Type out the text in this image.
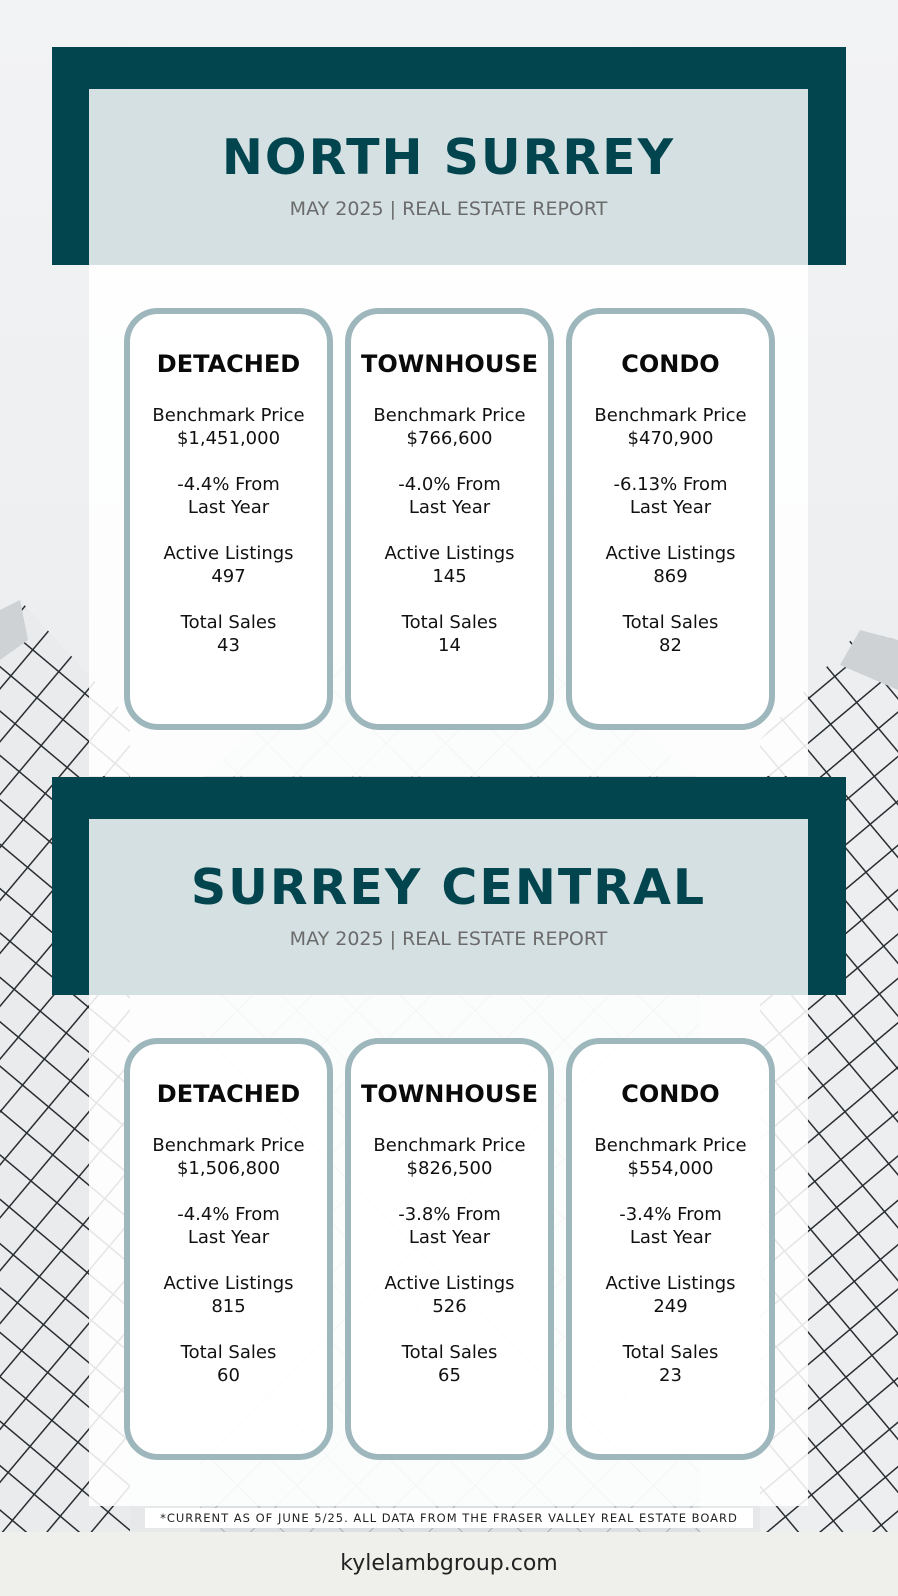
NORTH SURREY
MAY 2025 | REAL ESTATE REPORT
DETACHED
Benchmark Price
$1,451,000
-4.4% From
Last Year
Active Listings
497
Total Sales
43
TOWNHOUSE
Benchmark Price
$766,600
-4.0% From
Last Year
Active Listings
145
Total Sales
14
CONDO
Benchmark Price
$470,900
-6.13% From
Last Year
Active Listings
869
Total Sales
82
SURREY CENTRAL
MAY 2025 | REAL ESTATE REPORT
DETACHED
Benchmark Price
$1,506,800
-4.4% From
Last Year
Active Listings
815
Total Sales
60
TOWNHOUSE
Benchmark Price
$826,500
-3.8% From
Last Year
Active Listings
526
Total Sales
65
CONDO
Benchmark Price
$554,000
-3.4% From
Last Year
Active Listings
249
Total Sales
23
*CURRENT AS OF JUNE 5/25. ALL DATA FROM THE FRASER VALLEY REAL ESTATE BOARD
kylelambgroup.com
